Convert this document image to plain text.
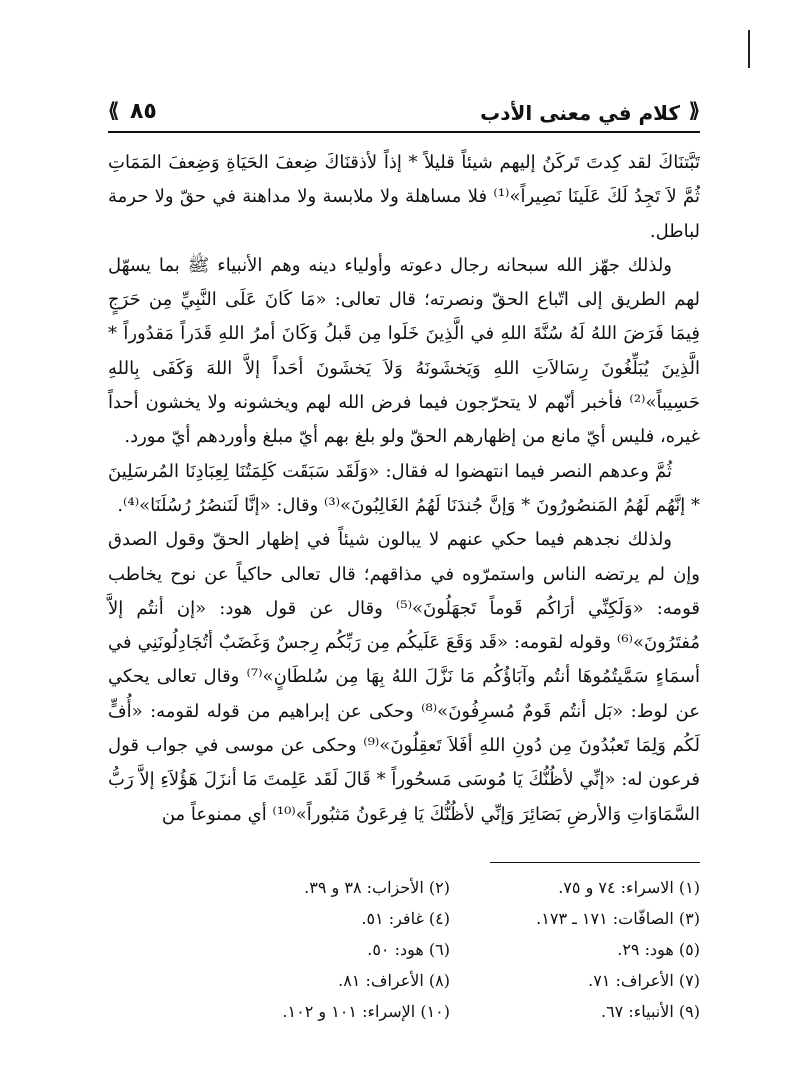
⟪
كلام في معنى الأدب
٨٥
⟫

تَبَّتنَاكَ لقد كِدتَ تَركَنُ إليهم شيئاً قليلاً * إذاً لأذقنَاكَ ضِعفَ الحَيَاةِ وَضِعفَ المَمَاتِ ثُمَّ لاَ تَجِدُ لَكَ عَلَينَا نَصِيراً»⁽¹⁾ فلا مساهلة ولا ملابسة ولا مداهنة في حقّ ولا حرمة لباطل.

ولذلك جهّز الله سبحانه رجال دعوته وأولياء دينه وهم الأنبياء ﷺ بما يسهّل لهم الطريق إلى اتّباع الحقّ ونصرته؛ قال تعالى: «مَا كَانَ عَلَى النَّبِيِّ مِن حَرَجٍ فِيمَا فَرَضَ اللهُ لَهُ سُنَّةَ اللهِ في الَّذِينَ خَلَوا مِن قَبلُ وَكَانَ أمرُ اللهِ قَدَراً مَقدُوراً * الَّذِينَ يُبَلِّغُونَ رِسَالاَتِ اللهِ وَيَخشَونَهُ وَلاَ يَخشَونَ أحَداً إلاَّ اللهَ وَكَفَى بِاللهِ حَسِيباً»⁽²⁾ فأخبر أنّهم لا يتحرّجون فيما فرض الله لهم ويخشونه ولا يخشون أحداً غيره، فليس أيّ مانع من إظهارهم الحقّ ولو بلغ بهم أيّ مبلغ وأوردهم أيّ مورد.

ثُمَّ وعدهم النصر فيما انتهضوا له فقال: «وَلَقَد سَبَقَت كَلِمَتُنَا لِعِبَادِنَا المُرسَلِينَ * إنَّهُم لَهُمُ المَنصُورُونَ * وَإنَّ جُندَنَا لَهُمُ الغَالِبُونَ»⁽³⁾ وقال: «إنَّا لَنَنصُرُ رُسُلَنَا»⁽⁴⁾.

ولذلك نجدهم فيما حكي عنهم لا يبالون شيئاً في إظهار الحقّ وقول الصدق وإن لم يرتضه الناس واستمرّوه في مذاقهم؛ قال تعالى حاكياً عن نوح يخاطب قومه: «وَلَكِنِّي أرَاكُم قَوماً تَجهَلُونَ»⁽⁵⁾ وقال عن قول هود: «إن أنتُم إلاَّ مُفتَرُونَ»⁽⁶⁾ وقوله لقومه: «قَد وَقَعَ عَلَيكُم مِن رَبِّكُم رِجسٌ وَغَضَبٌ أتُجَادِلُونَنِي في أسمَاءٍ سَمَّيتُمُوهَا أنتُم وآبَاؤُكُم مَا نَزَّلَ اللهُ بِهَا مِن سُلطَانٍ»⁽⁷⁾ وقال تعالى يحكي عن لوط: «بَل أنتُم قَومٌ مُسرِفُونَ»⁽⁸⁾ وحكى عن إبراهيم من قوله لقومه: «أُفٍّ لَكُم وَلِمَا تَعبُدُونَ مِن دُونِ اللهِ أفَلاَ تَعقِلُونَ»⁽⁹⁾ وحكى عن موسى في جواب قول فرعون له: «إنِّي لأظُنُّكَ يَا مُوسَى مَسحُوراً * قَالَ لَقَد عَلِمتَ مَا أنزَلَ هَؤُلاَءِ إلاَّ رَبُّ السَّمَاوَاتِ وَالأرضِ بَصَائِرَ وَإنِّي لأظُنُّكَ يَا فِرعَونُ مَثبُوراً»⁽¹⁰⁾ أي ممنوعاً من

(١) الاسراء: ٧٤ و ٧٥.
(٢) الأحزاب: ٣٨ و ٣٩.
(٣) الصافّات: ١٧١ ـ ١٧٣.
(٤) غافر: ٥١.
(٥) هود: ٢٩.
(٦) هود: ٥٠.
(٧) الأعراف: ٧١.
(٨) الأعراف: ٨١.
(٩) الأنبياء: ٦٧.
(١٠) الإسراء: ١٠١ و ١٠٢.
